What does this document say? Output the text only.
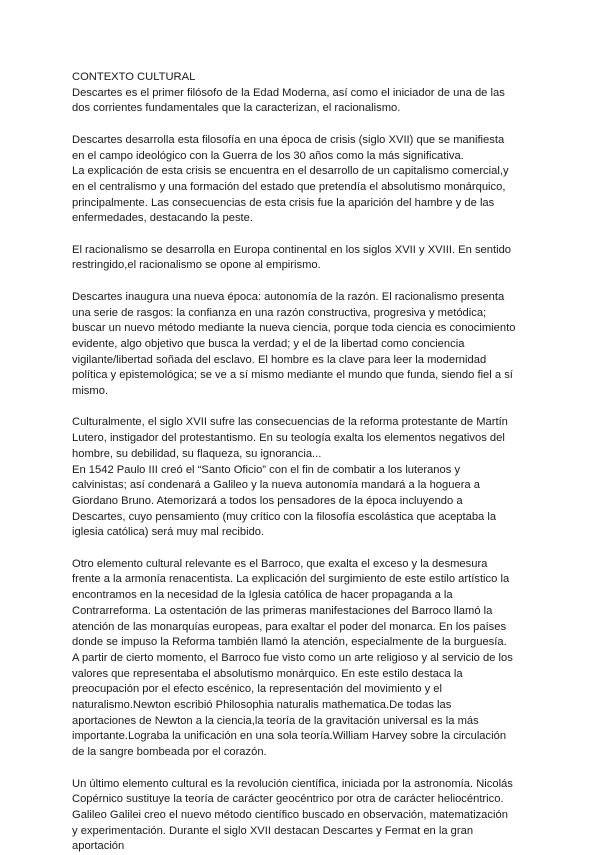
CONTEXTO CULTURAL

Descartes es el primer filósofo de la Edad Moderna, así como el iniciador de una de las dos corrientes fundamentales que la caracterizan, el racionalismo.

Descartes desarrolla esta filosofía en una época de crisis (siglo XVII) que se manifiesta en el campo ideológico con la Guerra de los 30 años como la más significativa.

La explicación de esta crisis se encuentra en el desarrollo de un capitalismo comercial,y en el centralismo y una formación del estado que pretendía el absolutismo monárquico, principalmente. Las consecuencias de esta crisis fue la aparición del hambre y de las enfermedades, destacando la peste.

El racionalismo se desarrolla en Europa continental en los siglos XVII y XVIII. En sentido restringido,el racionalismo se opone al empirismo.

Descartes inaugura una nueva época: autonomía de la razón. El racionalismo presenta una serie de rasgos: la confianza en una razón constructiva, progresiva y metódica; buscar un nuevo método mediante la nueva ciencia, porque toda ciencia es conocimiento evidente, algo objetivo que busca la verdad; y el de la libertad como conciencia vigilante/libertad soñada del esclavo. El hombre es la clave para leer la modernidad política y epistemológica; se ve a sí mismo mediante el mundo que funda, siendo fiel a sí mismo.

Culturalmente, el siglo XVII sufre las consecuencias de la reforma protestante de Martín Lutero, instigador del protestantismo. En su teología exalta los elementos negativos del hombre, su debilidad, su flaqueza, su ignorancia...

En 1542 Paulo III creó el “Santo Oficio” con el fin de combatir a los luteranos y calvinistas; así condenará a Galileo y la nueva autonomía mandará a la hoguera a Giordano Bruno. Atemorizará a todos los pensadores de la época incluyendo a Descartes, cuyo pensamiento (muy crítico con la filosofía escolástica que aceptaba la iglesia católica) será muy mal recibido.

Otro elemento cultural relevante es el Barroco, que exalta el exceso y la desmesura frente a la armonía renacentista. La explicación del surgimiento de este estilo artístico la encontramos en la necesidad de la Iglesia católica de hacer propaganda a la Contrarreforma. La ostentación de las primeras manifestaciones del Barroco llamó la atención de las monarquías europeas, para exaltar el poder del monarca. En los países donde se impuso la Reforma también llamó la atención, especialmente de la burguesía.

A partir de cierto momento, el Barroco fue visto como un arte religioso y al servicio de los valores que representaba el absolutismo monárquico. En este estilo destaca la preocupación por el efecto escénico, la representación del movimiento y el naturalismo.Newton escribió Philosophia naturalis mathematica.De todas las aportaciones de Newton a la ciencia,la teoría de la gravitación universal es la más importante.Lograba la unificación en una sola teoría.William Harvey sobre la circulación de la sangre bombeada por el corazón.

Un último elemento cultural es la revolución científica, iniciada por la astronomía. Nicolás Copérnico sustituye la teoría de carácter geocéntrico por otra de carácter heliocéntrico.

Galileo Galilei creo el nuevo método científico buscado en observación, matematización y experimentación. Durante el siglo XVII destacan Descartes y Fermat en la gran aportación
